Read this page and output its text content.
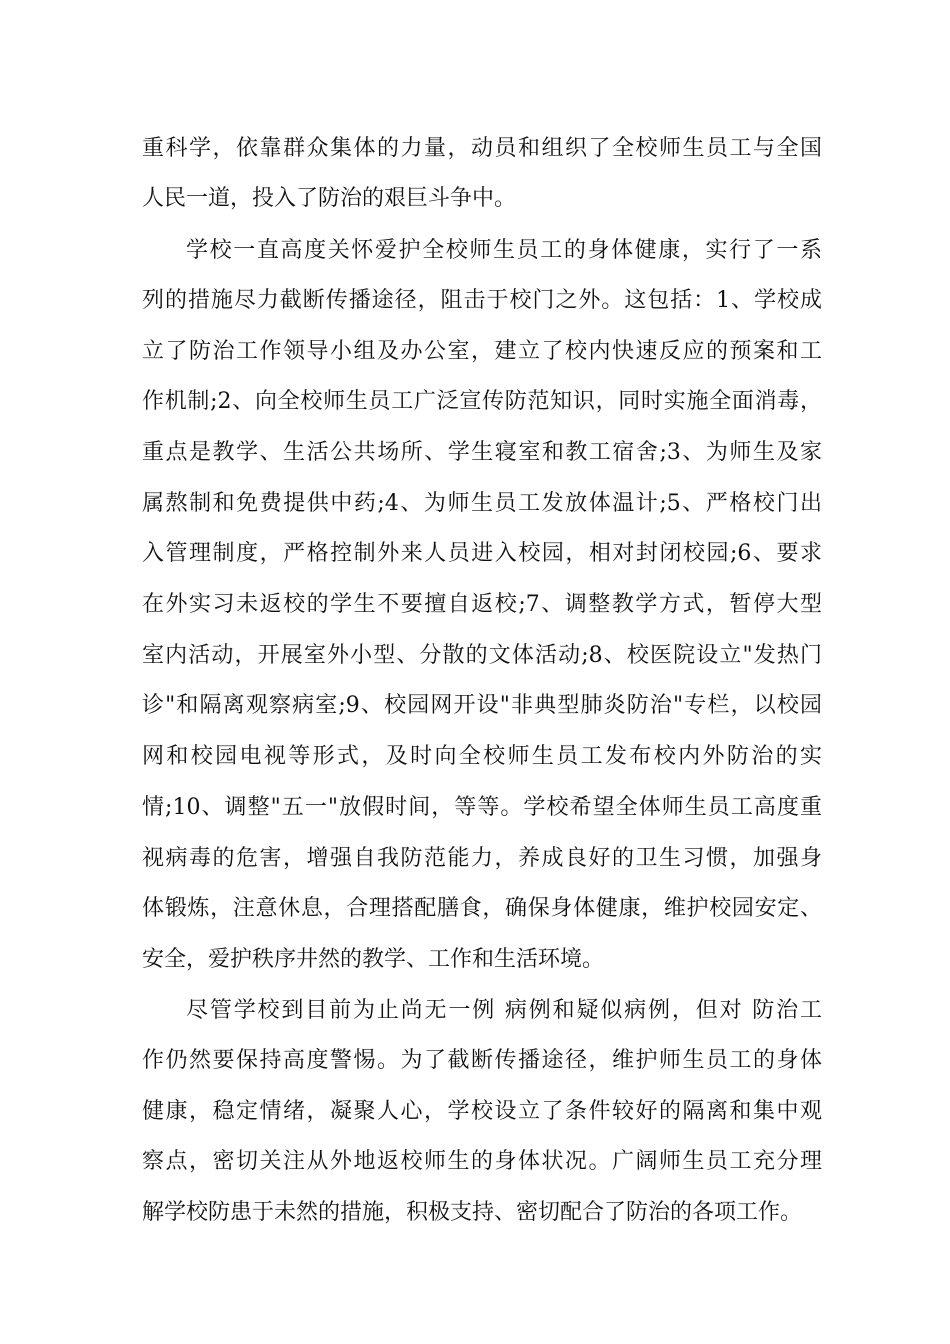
重科学，依靠群众集体的力量，动员和组织了全校师生员工与全国
人民一道，投入了防治的艰巨斗争中。
学校一直高度关怀爱护全校师生员工的身体健康，实行了一系
列的措施尽力截断传播途径，阻击于校门之外。这包括：1、学校成
立了防治工作领导小组及办公室，建立了校内快速反应的预案和工
作机制;2、向全校师生员工广泛宣传防范知识，同时实施全面消毒，
重点是教学、生活公共场所、学生寝室和教工宿舍;3、为师生及家
属熬制和免费提供中药;4、为师生员工发放体温计;5、严格校门出
入管理制度，严格控制外来人员进入校园，相对封闭校园;6、要求
在外实习未返校的学生不要擅自返校;7、调整教学方式，暂停大型
室内活动，开展室外小型、分散的文体活动;8、校医院设立"发热门
诊"和隔离观察病室;9、校园网开设"非典型肺炎防治"专栏，以校园
网和校园电视等形式，及时向全校师生员工发布校内外防治的实
情;10、调整"五一"放假时间，等等。学校希望全体师生员工高度重
视病毒的危害，增强自我防范能力，养成良好的卫生习惯，加强身
体锻炼，注意休息，合理搭配膳食，确保身体健康，维护校园安定、
安全，爱护秩序井然的教学、工作和生活环境。
尽管学校到目前为止尚无一例 病例和疑似病例，但对 防治工
作仍然要保持高度警惕。为了截断传播途径，维护师生员工的身体
健康，稳定情绪，凝聚人心，学校设立了条件较好的隔离和集中观
察点，密切关注从外地返校师生的身体状况。广阔师生员工充分理
解学校防患于未然的措施，积极支持、密切配合了防治的各项工作。
